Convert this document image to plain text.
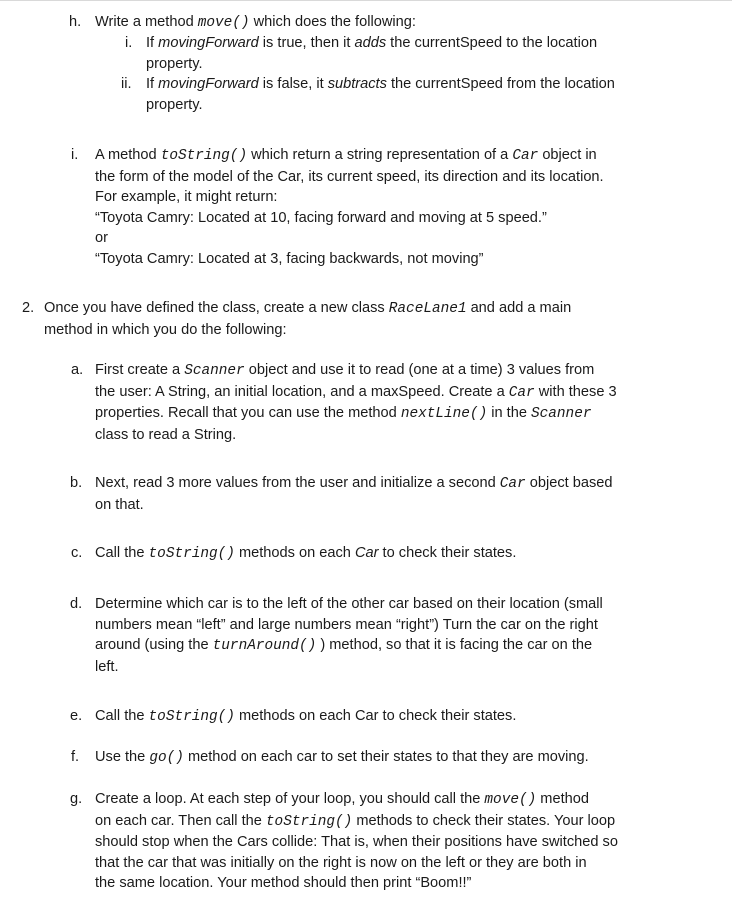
h. Write a method move() which does the following:
i. If movingForward is true, then it adds the currentSpeed to the location
property.
ii. If movingForward is false, it subtracts the currentSpeed from the location
property.
i. A method toString() which return a string representation of a Car object in
the form of the model of the Car, its current speed, its direction and its location.
For example, it might return:
“Toyota Camry: Located at 10, facing forward and moving at 5 speed.”
or
“Toyota Camry: Located at 3, facing backwards, not moving”
2. Once you have defined the class, create a new class RaceLane1 and add a main
method in which you do the following:
a. First create a Scanner object and use it to read (one at a time) 3 values from
the user: A String, an initial location, and a maxSpeed. Create a Car with these 3
properties. Recall that you can use the method nextLine() in the Scanner
class to read a String.
b. Next, read 3 more values from the user and initialize a second Car object based
on that.
c. Call the toString() methods on each Car to check their states.
d. Determine which car is to the left of the other car based on their location (small
numbers mean “left” and large numbers mean “right”) Turn the car on the right
around (using the turnAround() ) method, so that it is facing the car on the
left.
e. Call the toString() methods on each Car to check their states.
f. Use the go() method on each car to set their states to that they are moving.
g. Create a loop. At each step of your loop, you should call the move() method
on each car. Then call the toString() methods to check their states. Your loop
should stop when the Cars collide: That is, when their positions have switched so
that the car that was initially on the right is now on the left or they are both in
the same location. Your method should then print “Boom!!”
